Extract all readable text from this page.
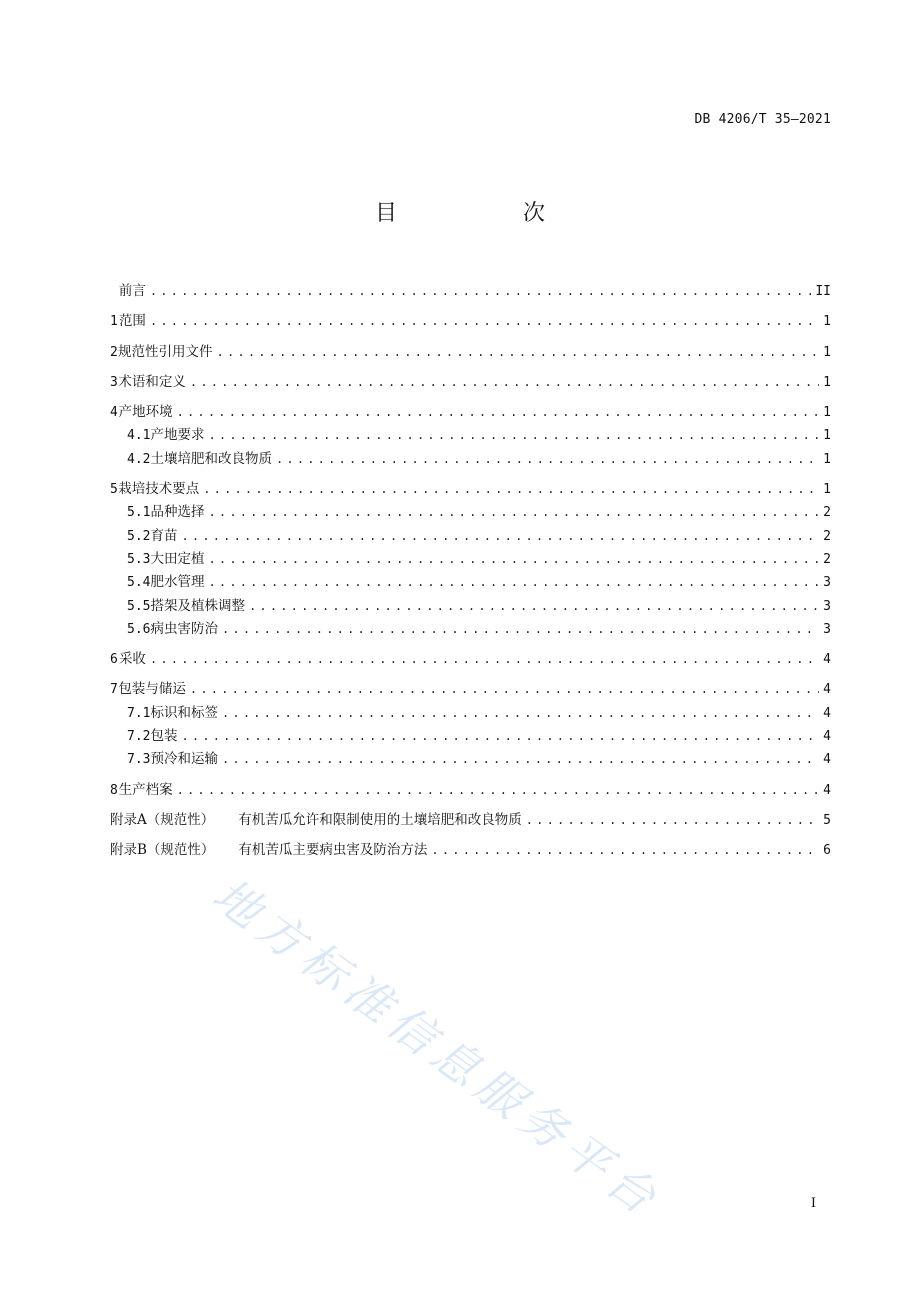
DB 4206/T 35—2021
目　次
前言 .....	II
1 范围 .....	1
2 规范性引用文件 .....	1
3 术语和定义 .....	1
4 产地环境 .....	1
4.1 产地要求 .....	1
4.2 土壤培肥和改良物质 .....	1
5 栽培技术要点 .....	1
5.1 品种选择 .....	2
5.2 育苗 .....	2
5.3 大田定植 .....	2
5.4 肥水管理 .....	3
5.5 搭架及植株调整 .....	3
5.6 病虫害防治 .....	3
6 采收 .....	4
7 包装与储运 .....	4
7.1 标识和标签 .....	4
7.2 包装 .....	4
7.3 预冷和运输 .....	4
8 生产档案 .....	4
附录A（规范性） 有机苦瓜允许和限制使用的土壤培肥和改良物质 .....	5
附录B（规范性） 有机苦瓜主要病虫害及防治方法 .....	6
I
地方标准信息服务平台
